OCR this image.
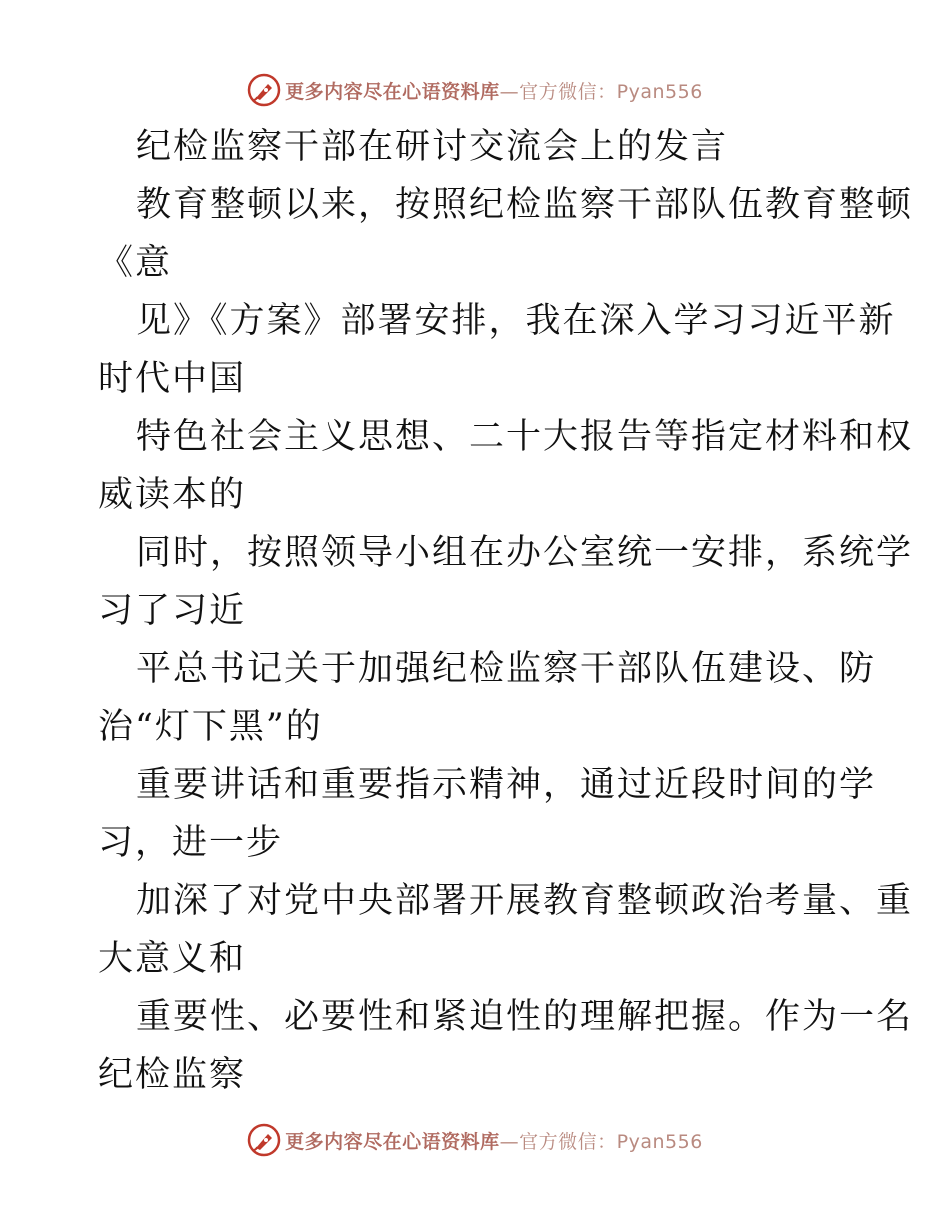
更多内容尽在心语资料库—官方微信：Pyan556
纪检监察干部在研讨交流会上的发言
教育整顿以来，按照纪检监察干部队伍教育整顿
《意
见》《方案》部署安排，我在深入学习习近平新
时代中国
特色社会主义思想、二十大报告等指定材料和权
威读本的
同时，按照领导小组在办公室统一安排，系统学
习了习近
平总书记关于加强纪检监察干部队伍建设、防
治“灯下黑”的
重要讲话和重要指示精神，通过近段时间的学
习，进一步
加深了对党中央部署开展教育整顿政治考量、重
大意义和
重要性、必要性和紧迫性的理解把握。作为一名
纪检监察
更多内容尽在心语资料库—官方微信：Pyan556
